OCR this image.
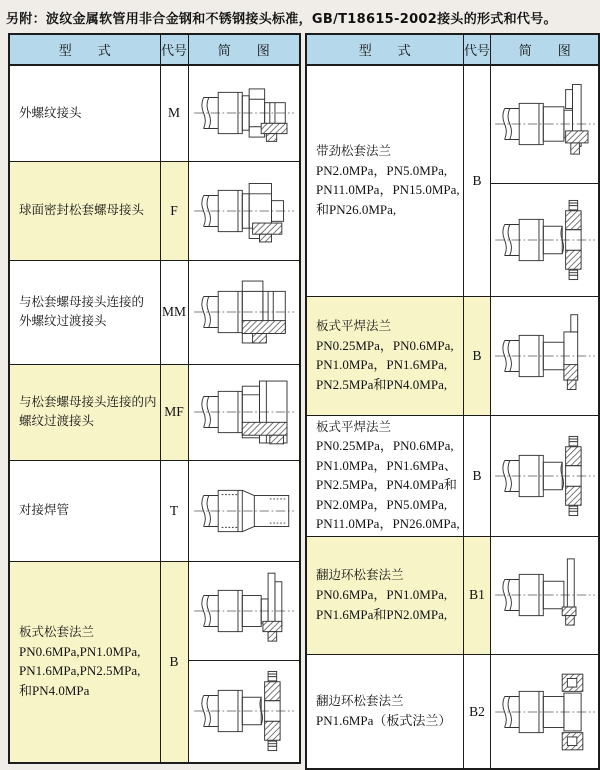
另附：波纹金属软管用非合金钢和不锈钢接头标准，GB/T18615-2002接头的形式和代号。
型　　式	代号	简　　图

外螺纹接头	M	

球面密封松套螺母接头	F	

与松套螺母接头连接的
外螺纹过渡接头	MM	

与松套螺母接头连接的内
螺纹过渡接头	MF	

对接焊管	T	

板式松套法兰
PN0.6MPa,PN1.0MPa,
PN1.6MPa,PN2.5MPa,
和PN4.0MPa	B	

型　　式	代号	简　　图

带劲松套法兰
PN2.0MPa，PN5.0MPa,
PN11.0MPa，PN15.0MPa,
和PN26.0MPa,	B	

板式平焊法兰
PN0.25MPa，PN0.6MPa,
PN1.0MPa，PN1.6MPa,
PN2.5MPa和PN4.0MPa,	B	

板式平焊法兰
PN0.25MPa，PN0.6MPa,
PN1.0MPa，PN1.6MPa、
PN2.5MPa，PN4.0MPa和
PN2.0MPa，PN5.0MPa,
PN11.0MPa，PN26.0MPa,
	B	

翻边环松套法兰
PN0.6MPa，PN1.0MPa,
PN1.6MPa和PN2.0MPa,	B1	

翻边环松套法兰
PN1.6MPa（板式法兰）	B2	
